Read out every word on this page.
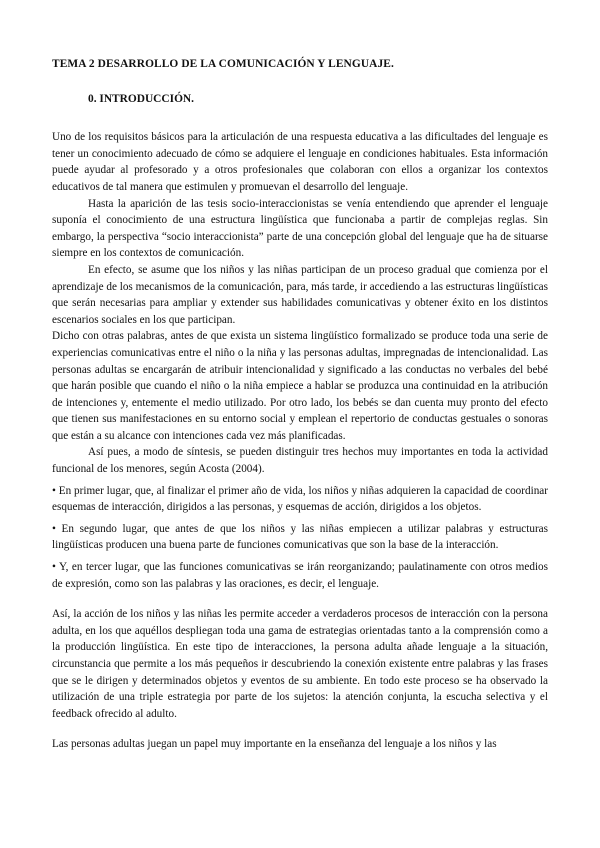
TEMA 2 DESARROLLO DE LA COMUNICACIÓN Y LENGUAJE.
0. INTRODUCCIÓN.

Uno de los requisitos básicos para la articulación de una respuesta educativa a las dificultades del lenguaje es tener un conocimiento adecuado de cómo se adquiere el lenguaje en condiciones habituales. Esta información puede ayudar al profesorado y a otros profesionales que colaboran con ellos a organizar los contextos educativos de tal manera que estimulen y promuevan el desarrollo del lenguaje.

Hasta la aparición de las tesis socio-interaccionistas se venía entendiendo que aprender el lenguaje suponía el conocimiento de una estructura lingüística que funcionaba a partir de complejas reglas. Sin embargo, la perspectiva “socio interaccionista” parte de una concepción global del lenguaje que ha de situarse siempre en los contextos de comunicación.

En efecto, se asume que los niños y las niñas participan de un proceso gradual que comienza por el aprendizaje de los mecanismos de la comunicación, para, más tarde, ir accediendo a las estructuras lingüísticas que serán necesarias para ampliar y extender sus habilidades comunicativas y obtener éxito en los distintos escenarios sociales en los que participan.

Dicho con otras palabras, antes de que exista un sistema lingüístico formalizado se produce toda una serie de experiencias comunicativas entre el niño o la niña y las personas adultas, impregnadas de intencionalidad. Las personas adultas se encargarán de atribuir intencionalidad y significado a las conductas no verbales del bebé que harán posible que cuando el niño o la niña empiece a hablar se produzca una continuidad en la atribución de intenciones y, entemente el medio utilizado. Por otro lado, los bebés se dan cuenta muy pronto del efecto que tienen sus manifestaciones en su entorno social y emplean el repertorio de conductas gestuales o sonoras que están a su alcance con intenciones cada vez más planificadas.

Así pues, a modo de síntesis, se pueden distinguir tres hechos muy importantes en toda la actividad funcional de los menores, según Acosta (2004).

• En primer lugar, que, al finalizar el primer año de vida, los niños y niñas adquieren la capacidad de coordinar esquemas de interacción, dirigidos a las personas, y esquemas de acción, dirigidos a los objetos.

• En segundo lugar, que antes de que los niños y las niñas empiecen a utilizar palabras y estructuras lingüísticas producen una buena parte de funciones comunicativas que son la base de la interacción.

• Y, en tercer lugar, que las funciones comunicativas se irán reorganizando; paulatinamente con otros medios de expresión, como son las palabras y las oraciones, es decir, el lenguaje.

Así, la acción de los niños y las niñas les permite acceder a verdaderos procesos de interacción con la persona adulta, en los que aquéllos despliegan toda una gama de estrategias orientadas tanto a la comprensión como a la producción lingüística. En este tipo de interacciones, la persona adulta añade lenguaje a la situación, circunstancia que permite a los más pequeños ir descubriendo la conexión existente entre palabras y las frases que se le dirigen y determinados objetos y eventos de su ambiente. En todo este proceso se ha observado la utilización de una triple estrategia por parte de los sujetos: la atención conjunta, la escucha selectiva y el feedback ofrecido al adulto.

Las personas adultas juegan un papel muy importante en la enseñanza del lenguaje a los niños y las
